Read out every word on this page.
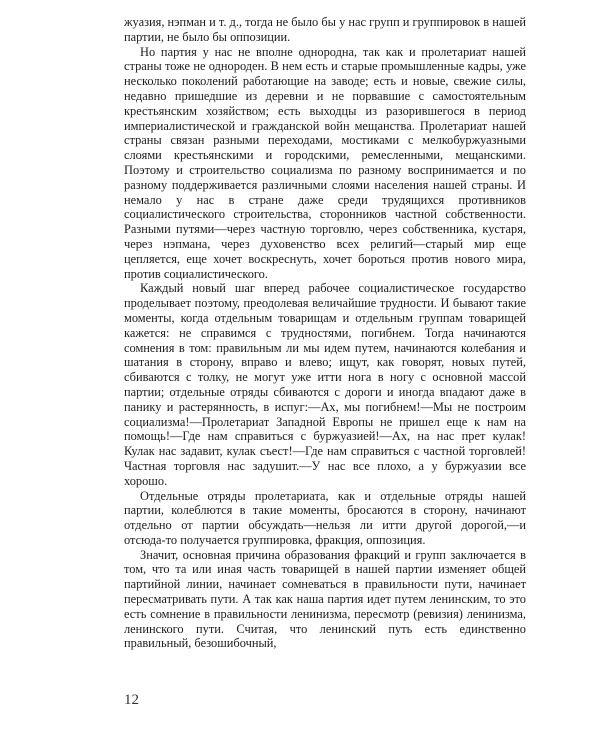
жуазия, нэпман и т. д., тогда не было бы у нас групп и группировок в нашей партии, не было бы оппозиции.

Но партия у нас не вполне однородна, так как и пролетариат нашей страны тоже не однороден. В нем есть и старые промышленные кадры, уже несколько поколений работающие на заводе; есть и новые, свежие силы, недавно пришедшие из деревни и не порвавшие с самостоятельным крестьянским хозяйством; есть выходцы из разорившегося в период империалистической и гражданской войн мещанства. Пролетариат нашей страны связан разными переходами, мостиками с мелкобуржуазными слоями крестьянскими и городскими, ремесленными, мещанскими. Поэтому и строительство социализма по разному воспринимается и по разному поддерживается различными слоями населения нашей страны. И немало у нас в стране даже среди трудящихся противников социалистического строительства, сторонников частной собственности. Разными путями—через частную торговлю, через собственника, кустаря, через нэпмана, через духовенство всех религий—старый мир еще цепляется, еще хочет воскреснуть, хочет бороться против нового мира, против социалистического.

Каждый новый шаг вперед рабочее социалистическое государство проделывает поэтому, преодолевая величайшие трудности. И бывают такие моменты, когда отдельным товарищам и отдельным группам товарищей кажется: не справимся с трудностями, погибнем. Тогда начинаются сомнения в том: правильным ли мы идем путем, начинаются колебания и шатания в сторону, вправо и влево; ищут, как говорят, новых путей, сбиваются с толку, не могут уже итти нога в ногу с основной массой партии; отдельные отряды сбиваются с дороги и иногда впадают даже в панику и растерянность, в испуг:—Ах, мы погибнем!—Мы не построим социализма!—Пролетариат Западной Европы не пришел еще к нам на помощь!—Где нам справиться с буржуазией!—Ах, на нас прет кулак! Кулак нас задавит, кулак съест!—Где нам справиться с частной торговлей! Частная торговля нас задушит.—У нас все плохо, а у буржуазии все хорошо.

Отдельные отряды пролетариата, как и отдельные отряды нашей партии, колеблются в такие моменты, бросаются в сторону, начинают отдельно от партии обсуждать—нельзя ли итти другой дорогой,—и отсюда-то получается группировка, фракция, оппозиция.

Значит, основная причина образования фракций и групп заключается в том, что та или иная часть товарищей в нашей партии изменяет общей партийной линии, начинает сомневаться в правильности пути, начинает пересматривать пути. А так как наша партия идет путем ленинским, то это есть сомнение в правильности ленинизма, пересмотр (ревизия) ленинизма, ленинского пути. Считая, что ленинский путь есть единственно правильный, безошибочный,

12
